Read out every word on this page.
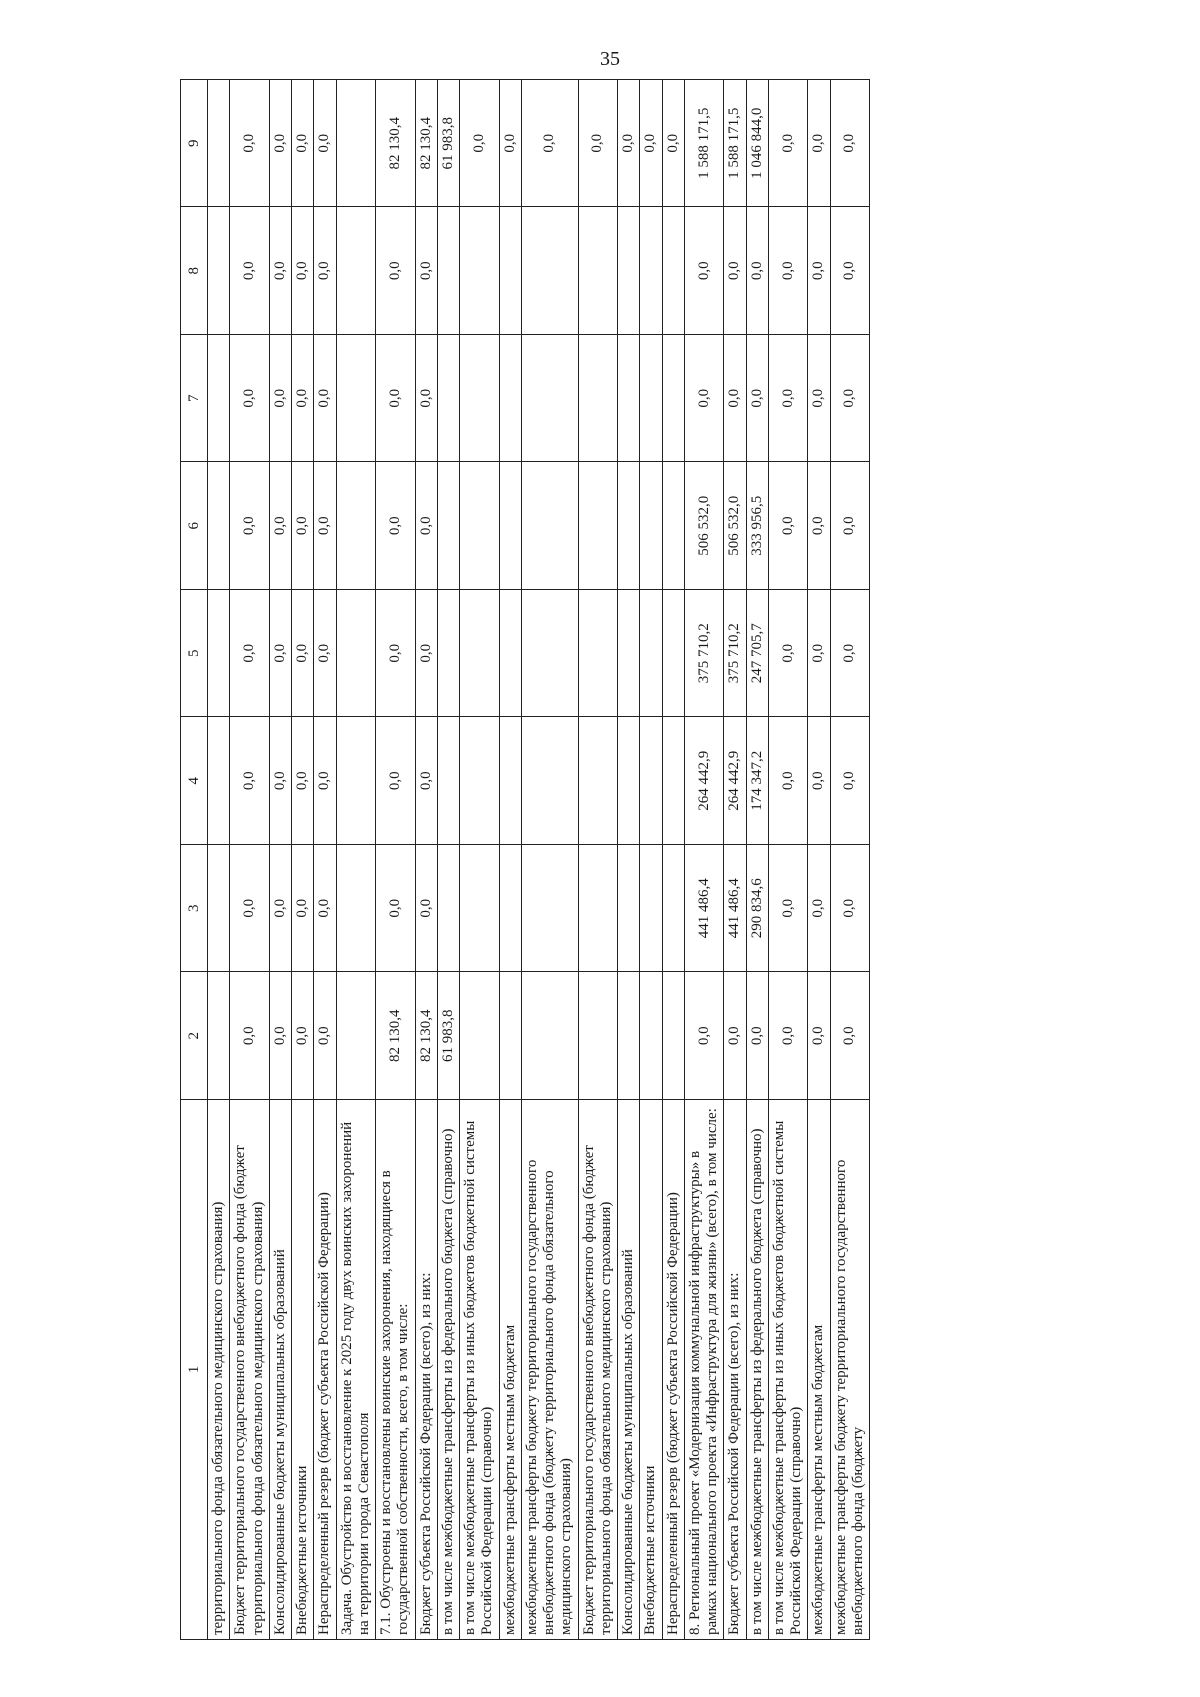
35
1	2	3	4	5	6	7	8	9
территориального фонда обязательного медицинского страхования)								
Бюджет территориального государственного внебюджетного фонда (бюджет территориального фонда обязательного медицинского страхования)	0,0	0,0	0,0	0,0	0,0	0,0	0,0	0,0
Консолидированные бюджеты муниципальных образований	0,0	0,0	0,0	0,0	0,0	0,0	0,0	0,0
Внебюджетные источники	0,0	0,0	0,0	0,0	0,0	0,0	0,0	0,0
Нераспределенный резерв (бюджет субъекта Российской Федерации)	0,0	0,0	0,0	0,0	0,0	0,0	0,0	0,0
Задача. Обустройство и восстановление к 2025 году двух воинских захоронений на территории города Севастополя								
7.1. Обустроены и восстановлены воинские захоронения, находящиеся в государственной собственности, всего, в том числе:	82 130,4	0,0	0,0	0,0	0,0	0,0	0,0	82 130,4
Бюджет субъекта Российской Федерации (всего), из них:	82 130,4	0,0	0,0	0,0	0,0	0,0	0,0	82 130,4
в том числе межбюджетные трансферты из федерального бюджета (справочно)	61 983,8							61 983,8
в том числе межбюджетные трансферты из иных бюджетов бюджетной системы Российской Федерации (справочно)								0,0
межбюджетные трансферты местным бюджетам								0,0
межбюджетные трансферты бюджету территориального государственного внебюджетного фонда (бюджету территориального фонда обязательного медицинского страхования)								0,0
Бюджет территориального государственного внебюджетного фонда (бюджет территориального фонда обязательного медицинского страхования)								0,0
Консолидированные бюджеты муниципальных образований								0,0
Внебюджетные источники								0,0
Нераспределенный резерв (бюджет субъекта Российской Федерации)								0,0
8. Региональный проект «Модернизация коммунальной инфраструктуры» в рамках национального проекта «Инфраструктура для жизни» (всего), в том числе:	0,0	441 486,4	264 442,9	375 710,2	506 532,0	0,0	0,0	1 588 171,5
Бюджет субъекта Российской Федерации (всего), из них:	0,0	441 486,4	264 442,9	375 710,2	506 532,0	0,0	0,0	1 588 171,5
в том числе межбюджетные трансферты из федерального бюджета (справочно)	0,0	290 834,6	174 347,2	247 705,7	333 956,5	0,0	0,0	1 046 844,0
в том числе межбюджетные трансферты из иных бюджетов бюджетной системы Российской Федерации (справочно)	0,0	0,0	0,0	0,0	0,0	0,0	0,0	0,0
межбюджетные трансферты местным бюджетам	0,0	0,0	0,0	0,0	0,0	0,0	0,0	0,0
межбюджетные трансферты бюджету территориального государственного внебюджетного фонда (бюджету	0,0	0,0	0,0	0,0	0,0	0,0	0,0	0,0
